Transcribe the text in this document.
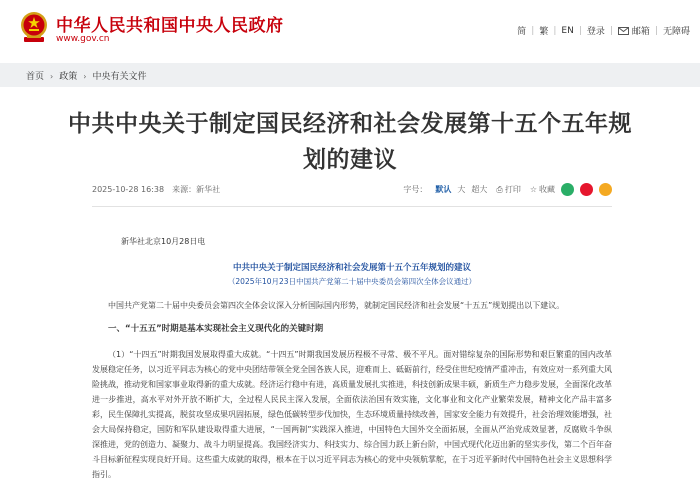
中华人民共和国中央人民政府
www.gov.cn
简 | 繁 | EN | 登录 | 邮箱 | 无障碍
首页 › 政策 › 中央有关文件
中共中央关于制定国民经济和社会发展第十五个五年规划的建议
2025-10-28 16:38 来源：新华社	字号： 默认 大 超大 ⎙ 打印 ☆ 收藏
新华社北京10月28日电
中共中央关于制定国民经济和社会发展第十五个五年规划的建议
（2025年10月23日中国共产党第二十届中央委员会第四次全体会议通过）

中国共产党第二十届中央委员会第四次全体会议深入分析国际国内形势，就制定国民经济和社会发展“十五五”规划提出以下建议。

一、“十五五”时期是基本实现社会主义现代化的关键时期

（1）“十四五”时期我国发展取得重大成就。“十四五”时期我国发展历程极不寻常、极不平凡。面对错综复杂的国际形势和艰巨繁重的国内改革发展稳定任务，以习近平同志为核心的党中央团结带领全党全国各族人民，迎难而上、砥砺前行，经受住世纪疫情严重冲击，有效应对一系列重大风险挑战，推动党和国家事业取得新的重大成就。经济运行稳中有进，高质量发展扎实推进，科技创新成果丰硕，新质生产力稳步发展，全面深化改革进一步推进，高水平对外开放不断扩大，全过程人民民主深入发展，全面依法治国有效实施，文化事业和文化产业繁荣发展，精神文化产品丰富多彩，民生保障扎实提高，脱贫攻坚成果巩固拓展，绿色低碳转型步伐加快，生态环境质量持续改善，国家安全能力有效提升，社会治理效能增强，社会大局保持稳定，国防和军队建设取得重大进展，“一国两制”实践深入推进，中国特色大国外交全面拓展，全面从严治党成效显著，反腐败斗争纵深推进，党的创造力、凝聚力、战斗力明显提高。我国经济实力、科技实力、综合国力跃上新台阶，中国式现代化迈出新的坚实步伐，第二个百年奋斗目标新征程实现良好开局。这些重大成就的取得，根本在于以习近平同志为核心的党中央领航掌舵，在于习近平新时代中国特色社会主义思想科学指引。
